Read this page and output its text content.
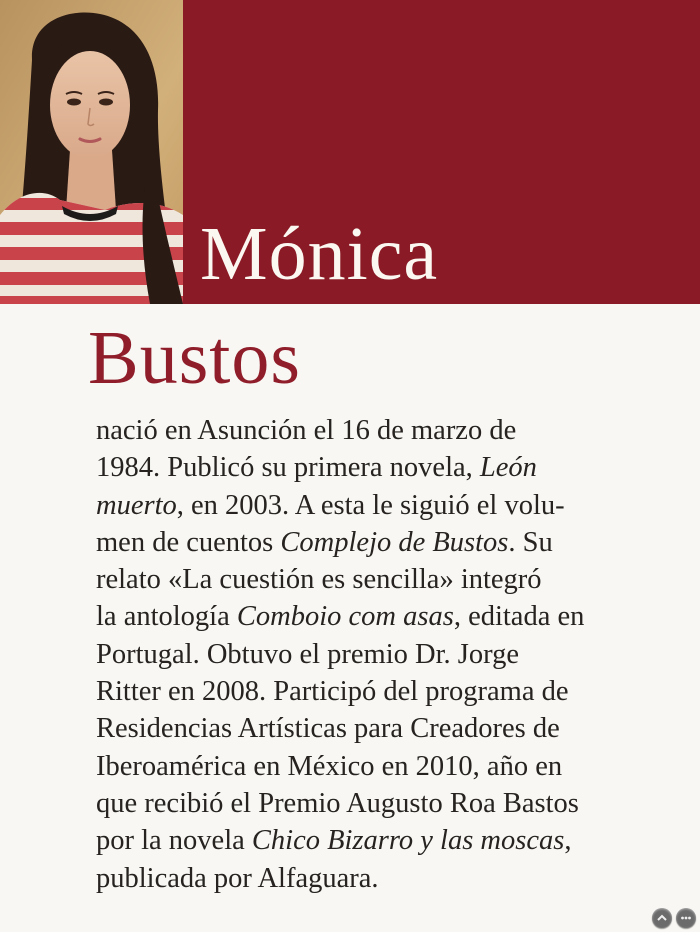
Mónica
Bustos
nació en Asunción el 16 de marzo de
1984. Publicó su primera novela, León
muerto, en 2003. A esta le siguió el volu-
men de cuentos Complejo de Bustos. Su
relato «La cuestión es sencilla» integró
la antología Comboio com asas, editada en
Portugal. Obtuvo el premio Dr. Jorge
Ritter en 2008. Participó del programa de
Residencias Artísticas para Creadores de
Iberoamérica en México en 2010, año en
que recibió el Premio Augusto Roa Bastos
por la novela Chico Bizarro y las moscas,
publicada por Alfaguara.
